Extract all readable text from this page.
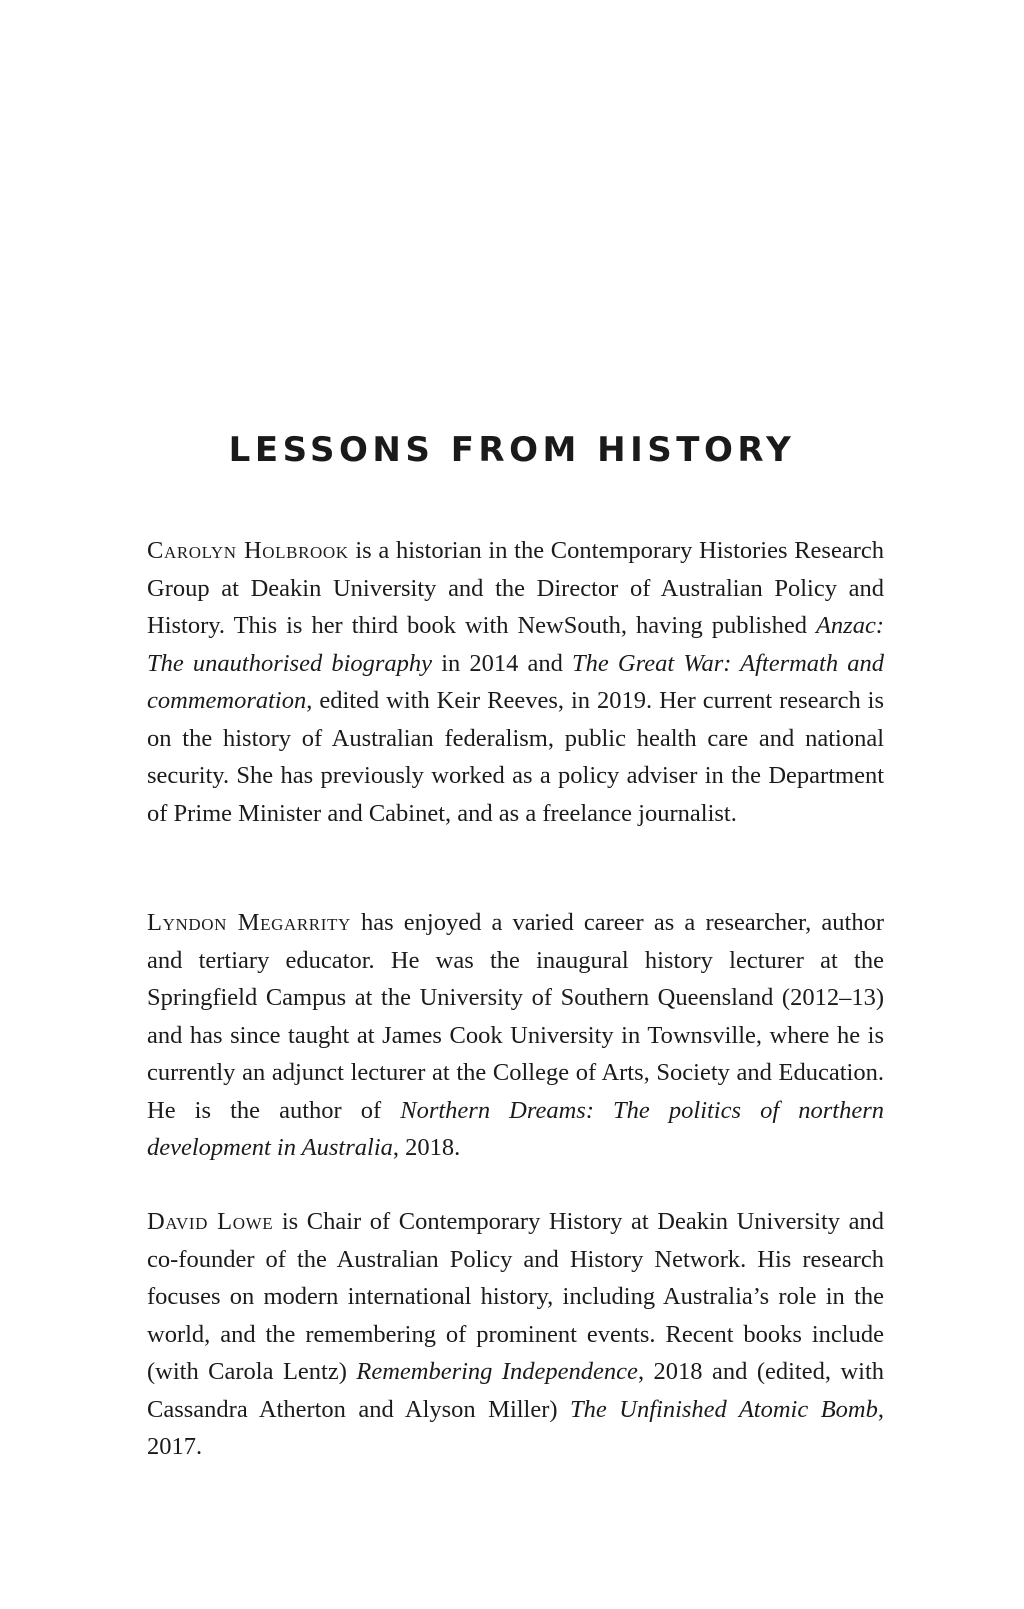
LESSONS FROM HISTORY

Carolyn Holbrook is a historian in the Contemporary Histories Research Group at Deakin University and the Director of Australian Policy and History. This is her third book with NewSouth, having published Anzac: The unauthorised biography in 2014 and The Great War: Aftermath and commemoration, edited with Keir Reeves, in 2019. Her current research is on the history of Australian federalism, public health care and national security. She has previously worked as a policy adviser in the Department of Prime Minister and Cabinet, and as a freelance journalist.

Lyndon Megarrity has enjoyed a varied career as a researcher, author and tertiary educator. He was the inaugural history lecturer at the Springfield Campus at the University of Southern Queensland (2012–13) and has since taught at James Cook University in Townsville, where he is currently an adjunct lecturer at the College of Arts, Society and Education. He is the author of Northern Dreams: The politics of northern development in Australia, 2018.

David Lowe is Chair of Contemporary History at Deakin University and co-founder of the Australian Policy and History Network. His research focuses on modern international history, including Australia’s role in the world, and the remembering of prominent events. Recent books include (with Carola Lentz) Remembering Independence, 2018 and (edited, with Cassandra Atherton and Alyson Miller) The Unfinished Atomic Bomb, 2017.
